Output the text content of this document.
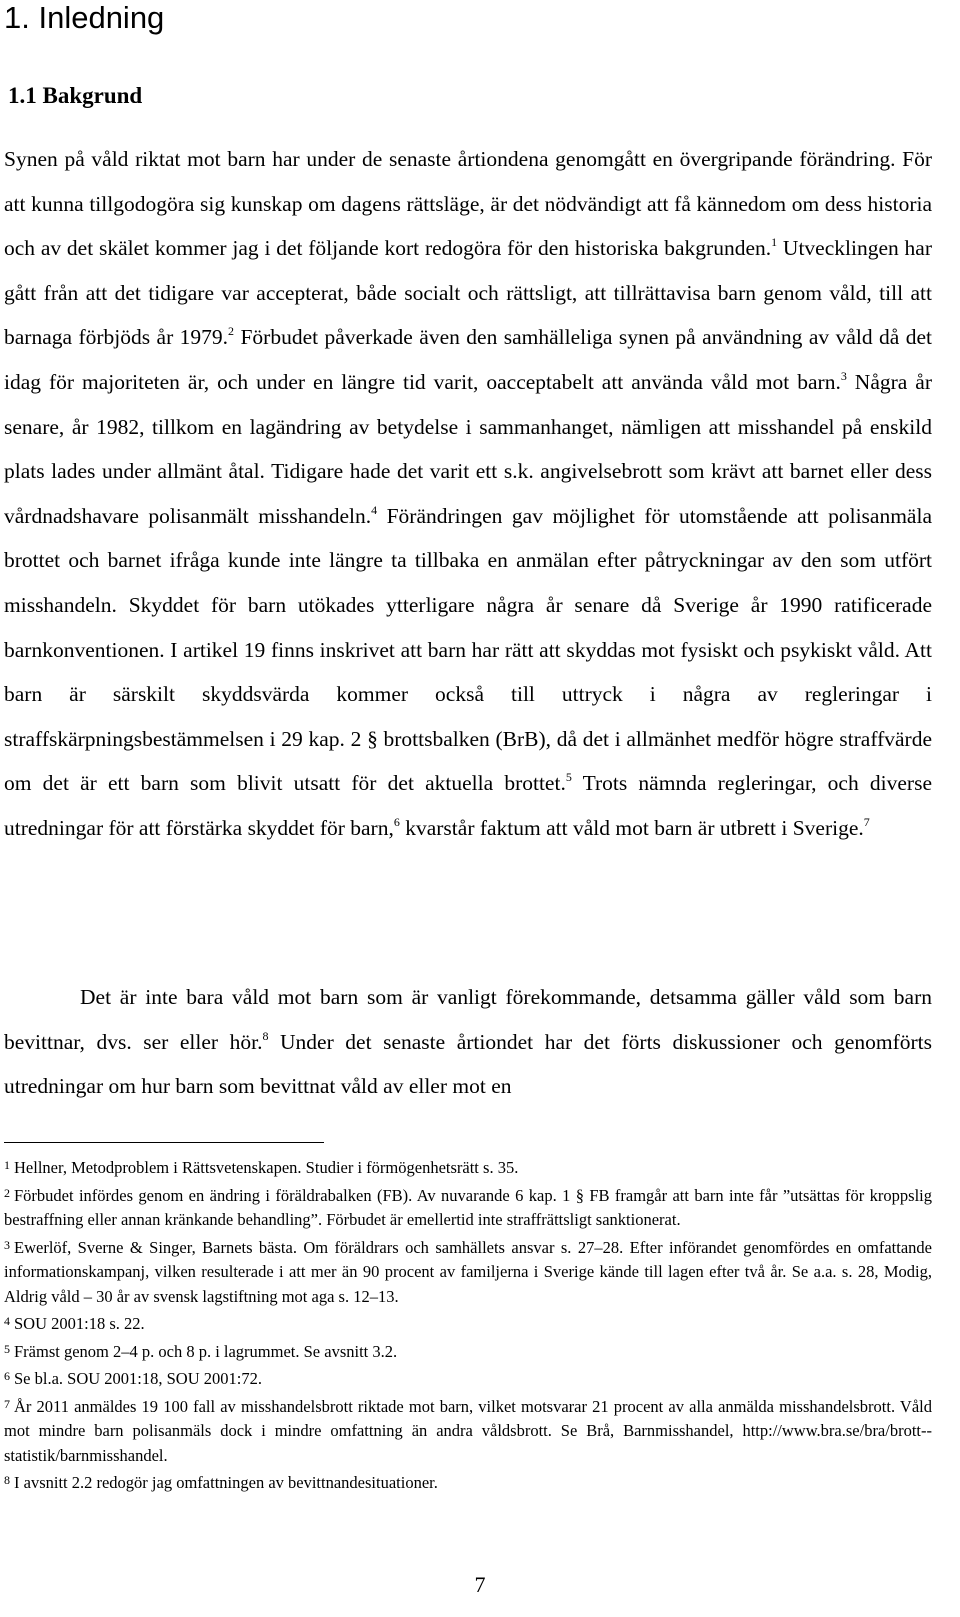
1. Inledning
1.1 Bakgrund

Synen på våld riktat mot barn har under de senaste årtiondena genomgått en övergripande förändring. För att kunna tillgodogöra sig kunskap om dagens rättsläge, är det nödvändigt att få kännedom om dess historia och av det skälet kommer jag i det följande kort redogöra för den historiska bakgrunden.$^1$ Utvecklingen har gått från att det tidigare var accepterat, både socialt och rättsligt, att tillrättavisa barn genom våld, till att barnaga förbjöds år 1979.$^2$ Förbudet påverkade även den samhälleliga synen på användning av våld då det idag för majoriteten är, och under en längre tid varit, oacceptabelt att använda våld mot barn.$^3$ Några år senare, år 1982, tillkom en lagändring av betydelse i sammanhanget, nämligen att misshandel på enskild plats lades under allmänt åtal. Tidigare hade det varit ett s.k. angivelsebrott som krävt att barnet eller dess vårdnadshavare polisanmält misshandeln.$^4$ Förändringen gav möjlighet för utomstående att polisanmäla brottet och barnet ifråga kunde inte längre ta tillbaka en anmälan efter påtryckningar av den som utfört misshandeln. Skyddet för barn utökades ytterligare några år senare då Sverige år 1990 ratificerade barnkonventionen. I artikel 19 finns inskrivet att barn har rätt att skyddas mot fysiskt och psykiskt våld. Att barn är särskilt skyddsvärda kommer också till uttryck i några av regleringar i straffskärpningsbestämmelsen i 29 kap. 2 § brottsbalken (BrB), då det i allmänhet medför högre straffvärde om det är ett barn som blivit utsatt för det aktuella brottet.$^5$ Trots nämnda regleringar, och diverse utredningar för att förstärka skyddet för barn,$^6$ kvarstår faktum att våld mot barn är utbrett i Sverige.$^7$

Det är inte bara våld mot barn som är vanligt förekommande, detsamma gäller våld som barn bevittnar, dvs. ser eller hör.$^8$ Under det senaste årtiondet har det förts diskussioner och genomförts utredningar om hur barn som bevittnat våld av eller mot en

$^1$ Hellner, Metodproblem i Rättsvetenskapen. Studier i förmögenhetsrätt s. 35.

$^2$ Förbudet infördes genom en ändring i föräldrabalken (FB). Av nuvarande 6 kap. 1 § FB framgår att barn inte får ”utsättas för kroppslig bestraffning eller annan kränkande behandling”. Förbudet är emellertid inte straffrättsligt sanktionerat.

$^3$ Ewerlöf, Sverne & Singer, Barnets bästa. Om föräldrars och samhällets ansvar s. 27–28. Efter införandet genomfördes en omfattande informationskampanj, vilken resulterade i att mer än 90 procent av familjerna i Sverige kände till lagen efter två år. Se a.a. s. 28, Modig, Aldrig våld – 30 år av svensk lagstiftning mot aga s. 12–13.

$^4$ SOU 2001:18 s. 22.

$^5$ Främst genom 2–4 p. och 8 p. i lagrummet. Se avsnitt 3.2.

$^6$ Se bl.a. SOU 2001:18, SOU 2001:72.

$^7$ År 2011 anmäldes 19 100 fall av misshandelsbrott riktade mot barn, vilket motsvarar 21 procent av alla anmälda misshandelsbrott. Våld mot mindre barn polisanmäls dock i mindre omfattning än andra våldsbrott. Se Brå, Barnmisshandel, http://www.bra.se/bra/brott--statistik/barnmisshandel.

$^8$ I avsnitt 2.2 redogör jag omfattningen av bevittnandesituationer.

7
